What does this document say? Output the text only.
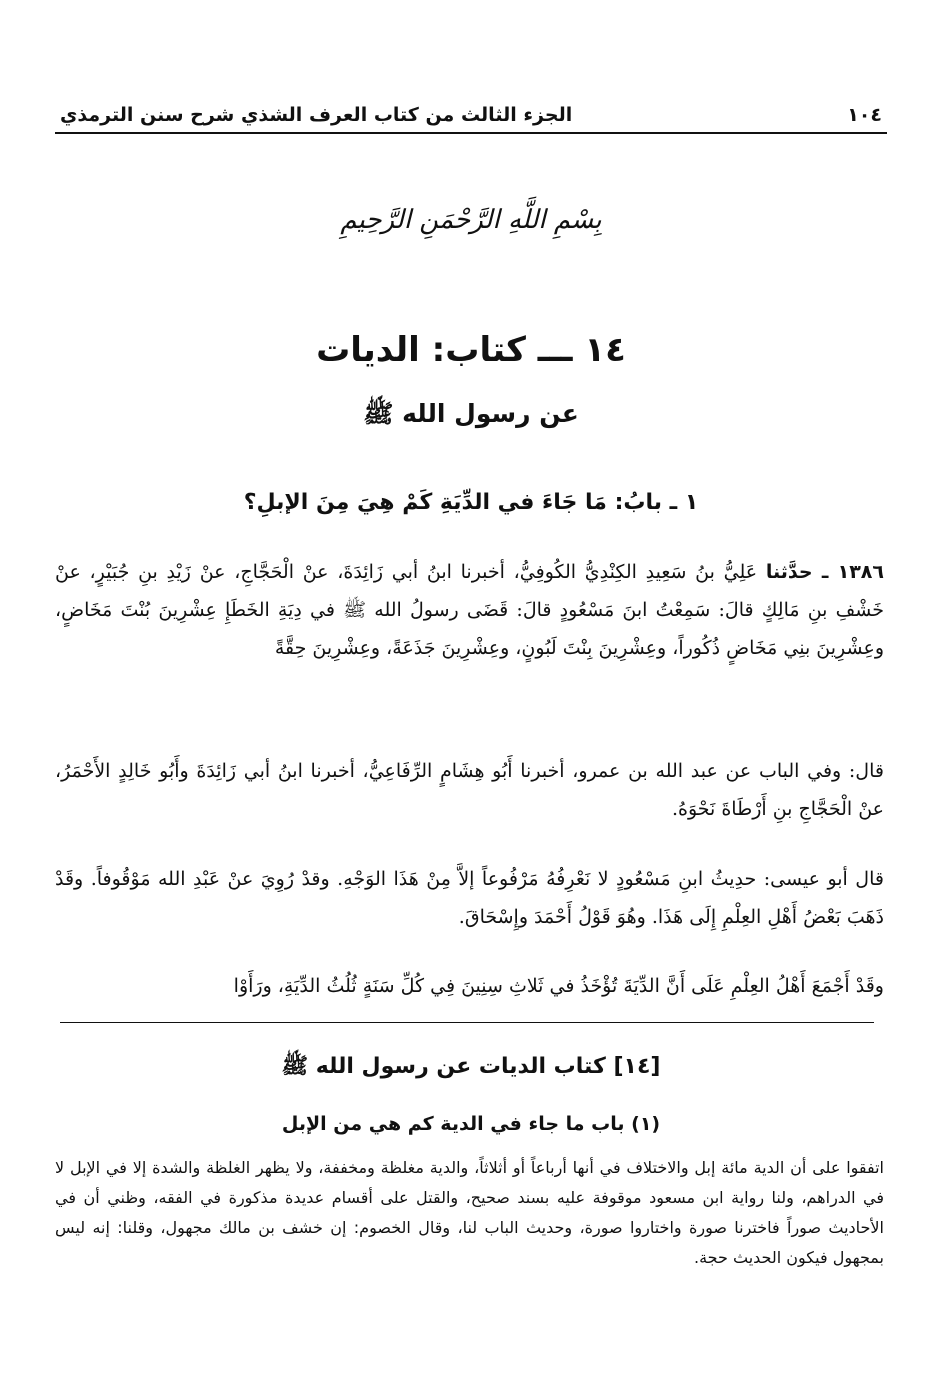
١٠٤
الجزء الثالث من كتاب العرف الشذي شرح سنن الترمذي
بِسْمِ اللَّهِ الرَّحْمَنِ الرَّحِيمِ
١٤ ـــ كتاب: الديات
عن رسول الله ﷺ
١ ـ بابُ: مَا جَاءَ في الدِّيَةِ كَمْ هِيَ مِنَ الإبلِ؟

١٣٨٦ ـ حدَّثنا عَلِيُّ بنُ سَعِيدِ الكِنْدِيُّ الكُوفِيُّ، أخبرنا ابنُ أبي زَائِدَةَ، عنْ الْحَجَّاجِ، عنْ زَيْدِ بنِ جُبَيْرٍ، عنْ خَشْفِ بنِ مَالِكٍ قالَ: سَمِعْتُ ابنَ مَسْعُودٍ قالَ: قَضَى رسولُ الله ﷺ في دِيَةِ الخَطَإِ عِشْرِينَ بُنْتَ مَخَاضٍ، وعِشْرِينَ بنِي مَخَاضٍ ذُكُوراً، وعِشْرِينَ بِنْتَ لَبُونٍ، وعِشْرِينَ جَذَعَةً، وعِشْرِينَ حِقَّةً

قال: وفي الباب عن عبد الله بن عمرو، أخبرنا أَبُو هِشَامٍ الرِّفَاعِيُّ، أخبرنا ابنُ أبي زَائِدَةَ وأَبُو خَالِدٍ الأَحْمَرُ، عنْ الْحَجَّاجِ بنِ أَرْطَاةَ نَحْوَهُ.

قال أبو عيسى: حدِيثُ ابنِ مَسْعُودٍ لا نَعْرِفُهُ مَرْفُوعاً إلاَّ مِنْ هَذَا الوَجْهِ. وقدْ رُوِيَ عنْ عَبْدِ الله مَوْقُوفاً. وقَدْ ذَهَبَ بَعْضُ أَهْلِ العِلْمِ إِلَى هَذَا. وهُوَ قَوْلُ أَحْمَدَ وإِسْحَاقَ.

وقَدْ أَجْمَعَ أَهْلُ العِلْمِ عَلَى أَنَّ الدِّيَةَ تُؤْخَذُ في ثَلاثِ سِنِينَ فِي كُلِّ سَنَةٍ ثُلُثُ الدِّيَةِ، ورَأَوْا

[١٤] كتاب الديات عن رسول الله ﷺ
(١) باب ما جاء في الدية كم هي من الإبل

اتفقوا على أن الدية مائة إبل والاختلاف في أنها أرباعاً أو أثلاثاً، والدية مغلظة ومخففة، ولا يظهر الغلظة والشدة إلا في الإبل لا في الدراهم، ولنا رواية ابن مسعود موقوفة عليه بسند صحيح، والقتل على أقسام عديدة مذكورة في الفقه، وظني أن في الأحاديث صوراً فاخترنا صورة واختاروا صورة، وحديث الباب لنا، وقال الخصوم: إن خشف بن مالك مجهول، وقلنا: إنه ليس بمجهول فيكون الحديث حجة.
